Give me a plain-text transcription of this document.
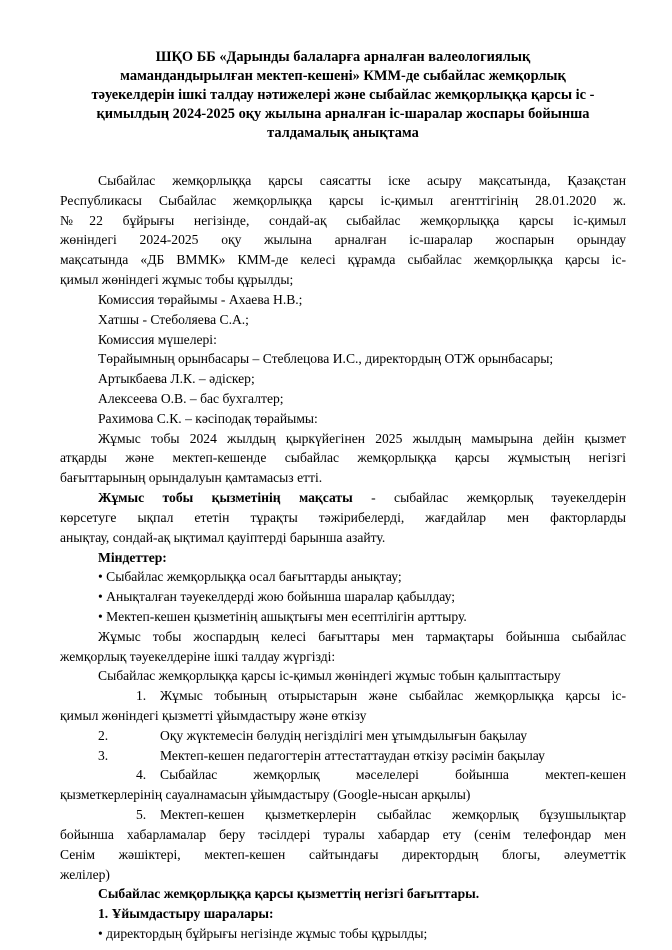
ШҚО ББ «Дарынды балаларға арналған валеологиялық
мамандандырылған мектеп-кешені» КММ-де сыбайлас жемқорлық
тәуекелдерін ішкі талдау нәтижелері және сыбайлас жемқорлыққа қарсы іс -
қимылдың 2024-2025 оқу жылына арналған іс-шаралар жоспары бойынша
талдамалық анықтама
Сыбайлас жемқорлыққа қарсы саясатты іске асыру мақсатында, Қазақстан
Республикасы Сыбайлас жемқорлыққа қарсы іс-қимыл агенттігінің 28.01.2020 ж.
№22 бұйрығы негізінде, сондай-ақ сыбайлас жемқорлыққа қарсы іс-қимыл
жөніндегі 2024-2025 оқу жылына арналған іс-шаралар жоспарын орындау
мақсатында «ДБ ВММК» КММ-де келесі құрамда сыбайлас жемқорлыққа қарсы іс-
қимыл жөніндегі жұмыс тобы құрылды;
Комиссия төрайымы - Ахаева Н.В.;
Хатшы - Стеболяева С.А.;
Комиссия мүшелері:
Төрайымның орынбасары – Стеблецова И.С., директордың ОТЖ орынбасары;
Артыкбаева Л.К. – әдіскер;
Алексеева О.В. – бас бухгалтер;
Рахимова С.К. – кәсіподақ төрайымы:
Жұмыс тобы 2024 жылдың қыркүйегінен 2025 жылдың мамырына дейін қызмет
атқарды және мектеп-кешенде сыбайлас жемқорлыққа қарсы жұмыстың негізгі
бағыттарының орындалуын қамтамасыз етті.
Жұмыс тобы қызметінің мақсаты - сыбайлас жемқорлық тәуекелдерін
көрсетуге ықпал ететін тұрақты тәжірибелерді, жағдайлар мен факторларды
анықтау, сондай-ақ ықтимал қауіптерді барынша азайту.
Міндеттер:
• Сыбайлас жемқорлыққа осал бағыттарды анықтау;
• Анықталған тәуекелдерді жою бойынша шаралар қабылдау;
• Мектеп-кешен қызметінің ашықтығы мен есептілігін арттыру.
Жұмыс тобы жоспардың келесі бағыттары мен тармақтары бойынша сыбайлас
жемқорлық тәуекелдеріне ішкі талдау жүргізді:
Сыбайлас жемқорлыққа қарсы іс-қимыл жөніндегі жұмыс тобын қалыптастыру
1. Жұмыс тобының отырыстарын және сыбайлас жемқорлыққа қарсы іс-
қимыл жөніндегі қызметті ұйымдастыру және өткізу
2.	Оқу жүктемесін бөлудің негізділігі мен ұтымдылығын бақылау
3.	Мектеп-кешен педагогтерін аттестаттаудан өткізу рәсімін бақылау
4. Сыбайлас жемқорлық мәселелері бойынша мектеп-кешен
қызметкерлерінің сауалнамасын ұйымдастыру (Google-нысан арқылы)
5. Мектеп-кешен қызметкерлерін сыбайлас жемқорлық бұзушылықтар
бойынша хабарламалар беру тәсілдері туралы хабардар ету (сенім телефондар мен
Сенім жәшіктері, мектеп-кешен сайтындағы директордың блогы, әлеуметтік
желілер)
Сыбайлас жемқорлыққа қарсы қызметтің негізгі бағыттары.
1. Ұйымдастыру шаралары:
• директордың бұйрығы негізінде жұмыс тобы құрылды;
